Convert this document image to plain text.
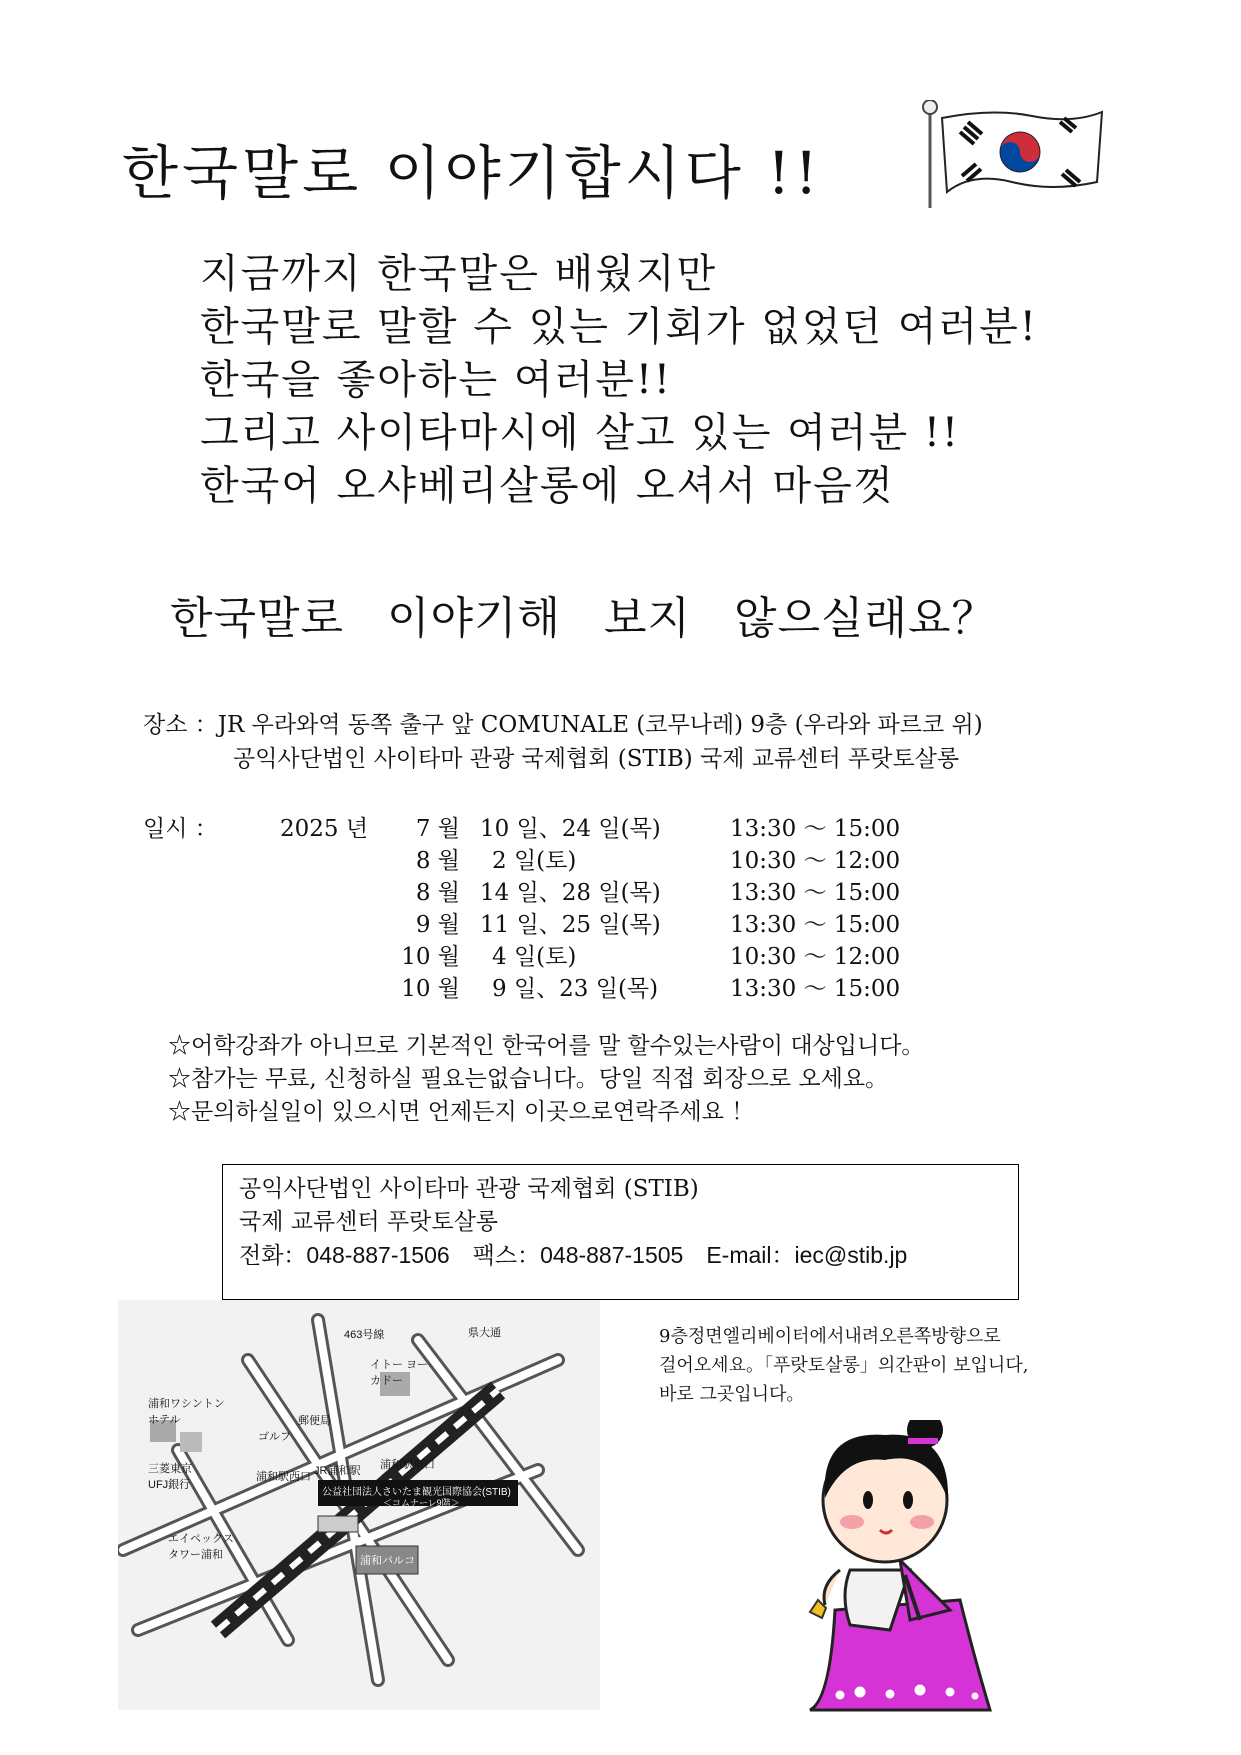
한국말로 이야기합시다 !!
지금까지 한국말은 배웠지만
한국말로 말할 수 있는 기회가 없었던 여러분!
한국을 좋아하는 여러분!!
그리고 사이타마시에 살고 있는 여러분 !!
한국어 오샤베리살롱에 오셔서 마음껏
한국말로 이야기해 보지 않으실래요？
장소 ：JR 우라와역 동쪽 출구 앞 COMUNALE (코무나레) 9층 (우라와 파르코 위)
공익사단법인 사이타마 관광 국제협회 (STIB) 국제 교류센터 푸랏토살롱
일시 ：	2025 년	7 월 10 일、24 일(목)	13:30 ～ 15:00
8 월 2 일(토)	10:30 ～ 12:00
8 월 14 일、28 일(목)	13:30 ～ 15:00
9 월 11 일、25 일(목)	13:30 ～ 15:00
10 월 4 일(토)	10:30 ～ 12:00
10 월 9 일、23 일(목)	13:30 ～ 15:00
☆어학강좌가 아니므로 기본적인 한국어를 말 할수있는사람이 대상입니다。
☆참가는 무료, 신청하실 필요는없습니다。당일 직접 회장으로 오세요。
☆문의하실일이 있으시면 언제든지 이곳으로연락주세요 ！
공익사단법인 사이타마 관광 국제협회 (STIB)
국제 교류센터 푸랏토살롱
전화：048-887-1506　팩스：048-887-1505　E-mail：iec@stib.jp
463号線
イトー ヨーカドー
浦和ワシントン ホテル
ゴルフ
郵便局
浦和駅西口 JR浦和駅 浦和駅東口
三菱東京 UFJ銀行
エイペックス タワー浦和
公益社団法人さいたま観光国際協会(STIB)
＜コムナーレ9階＞
浦和パルコ
県大通	9층정면엘리베이터에서내려오른쪽방향으로
걸어오세요。「푸랏토살롱」의간판이 보입니다,
바로 그곳입니다。
